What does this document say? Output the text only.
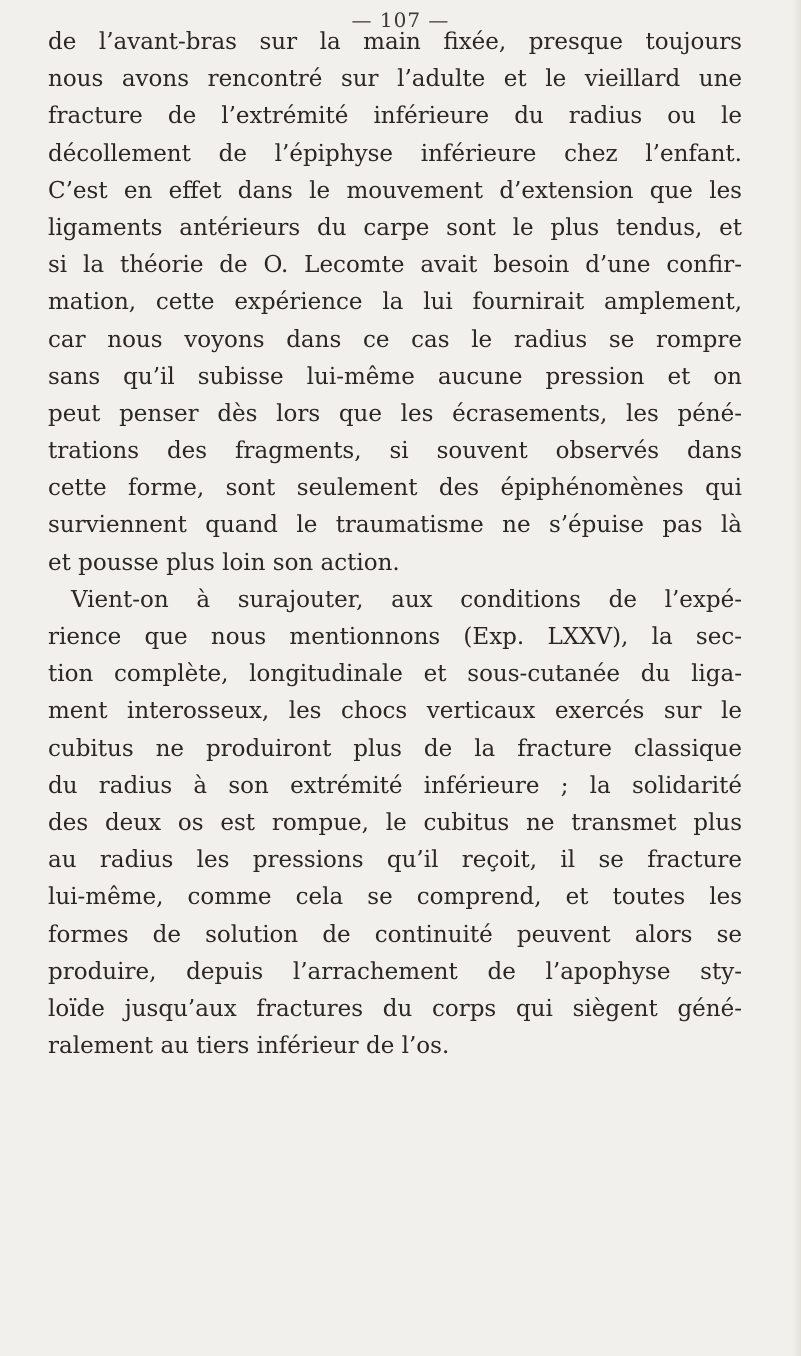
— 107 —
de l’avant-bras sur la main fixée, presque toujours
nous avons rencontré sur l’adulte et le vieillard une
fracture de l’extrémité inférieure du radius ou le
décollement de l’épiphyse inférieure chez l’enfant.
C’est en effet dans le mouvement d’extension que les
ligaments antérieurs du carpe sont le plus tendus, et
si la théorie de O. Lecomte avait besoin d’une confir-
mation, cette expérience la lui fournirait amplement,
car nous voyons dans ce cas le radius se rompre
sans qu’il subisse lui-même aucune pression et on
peut penser dès lors que les écrasements, les péné-
trations des fragments, si souvent observés dans
cette forme, sont seulement des épiphénomènes qui
surviennent quand le traumatisme ne s’épuise pas là
et pousse plus loin son action.
Vient-on à surajouter, aux conditions de l’expé-
rience que nous mentionnons (Exp. LXXV), la sec-
tion complète, longitudinale et sous-cutanée du liga-
ment interosseux, les chocs verticaux exercés sur le
cubitus ne produiront plus de la fracture classique
du radius à son extrémité inférieure ; la solidarité
des deux os est rompue, le cubitus ne transmet plus
au radius les pressions qu’il reçoit, il se fracture
lui-même, comme cela se comprend, et toutes les
formes de solution de continuité peuvent alors se
produire, depuis l’arrachement de l’apophyse sty-
loïde jusqu’aux fractures du corps qui siègent géné-
ralement au tiers inférieur de l’os.
